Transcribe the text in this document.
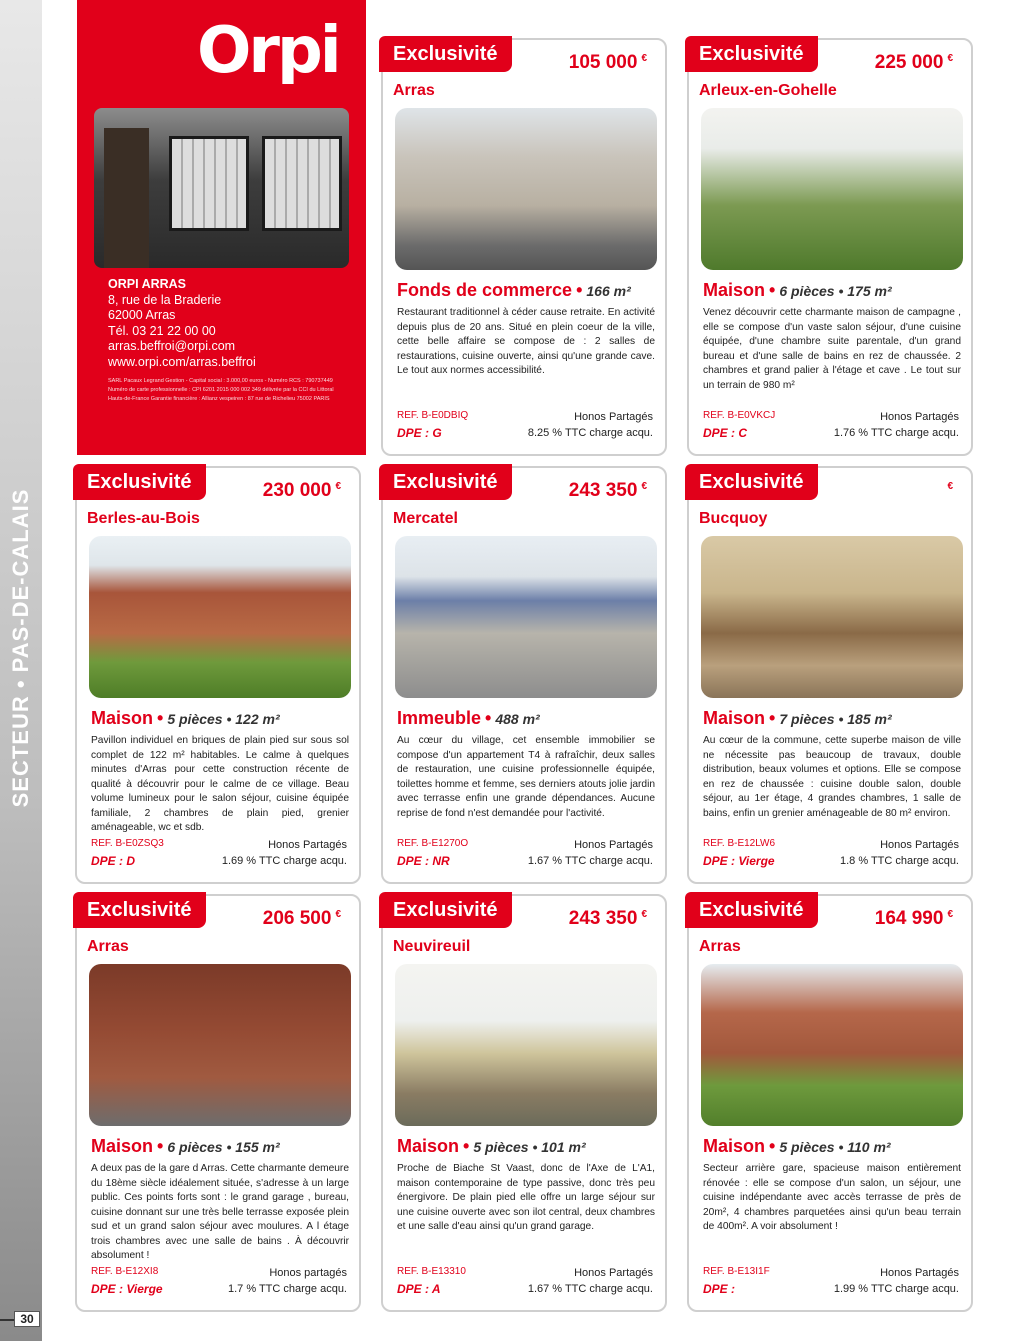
SECTEUR • PAS-DE-CALAIS
30
Orpi
ORPI ARRAS
8, rue de la Braderie
62000 Arras
Tél. 03 21 22 00 00
arras.beffroi@orpi.com
www.orpi.com/arras.beffroi
SARL Pacaux Legrand Gestion - Capital social : 3.000,00 euros - Numéro RCS : 790737449
Numéro de carte professionnelle : CPI 6201 2015 000 002 349 délivrée par la CCI du Littoral
Hauts-de-France Garantie financière : Allianz vespeiren : 87 rue de Richelieu 75002 PARIS
Exclusivité	105 000 €
Arras
Fonds de commerce • 166 m²
Restaurant traditionnel à céder cause retraite. En activité depuis plus de 20 ans. Situé en plein coeur de la ville, cette belle affaire se compose de : 2 salles de restaurations, cuisine ouverte, ainsi qu'une grande cave. Le tout aux normes accessibilité.
REF. B-E0DBIQ
DPE : G
Honos Partagés
8.25 % TTC charge acqu.
Exclusivité	225 000 €
Arleux-en-Gohelle
Maison • 6 pièces • 175 m²
Venez découvrir cette charmante maison de campagne , elle se compose d'un vaste salon séjour, d'une cuisine équipée, d'une chambre suite parentale, d'un grand bureau et d'une salle de bains en rez de chaussée. 2 chambres et grand palier à l'étage et cave . Le tout sur un terrain de 980 m²
REF. B-E0VKCJ
DPE : C
Honos Partagés
1.76 % TTC charge acqu.
Exclusivité	230 000 €
Berles-au-Bois
Maison • 5 pièces • 122 m²
Pavillon individuel en briques de plain pied sur sous sol complet de 122 m² habitables. Le calme à quelques minutes d'Arras pour cette construction récente de qualité à découvrir pour le calme de ce village. Beau volume lumineux pour le salon séjour, cuisine équipée familiale, 2 chambres de plain pied, grenier aménageable, wc et sdb.
REF. B-E0ZSQ3
DPE : D
Honos Partagés
1.69 % TTC charge acqu.
Exclusivité	243 350 €
Mercatel
Immeuble • 488 m²
Au cœur du village, cet ensemble immobilier se compose d'un appartement T4 à rafraîchir, deux salles de restauration, une cuisine professionnelle équipée, toilettes homme et femme, ses derniers atouts jolie jardin avec terrasse enfin une grande dépendances. Aucune reprise de fond n'est demandée pour l'activité.
REF. B-E1270O
DPE : NR
Honos Partagés
1.67 % TTC charge acqu.
Exclusivité	€
Bucquoy
Maison • 7 pièces • 185 m²
Au cœur de la commune, cette superbe maison de ville ne nécessite pas beaucoup de travaux, double distribution, beaux volumes et options. Elle se compose en rez de chaussée : cuisine double salon, double séjour, au 1er étage, 4 grandes chambres, 1 salle de bains, enfin un grenier aménageable de 80 m² environ.
REF. B-E12LW6
DPE : Vierge
Honos Partagés
1.8 % TTC charge acqu.
Exclusivité	206 500 €
Arras
Maison • 6 pièces • 155 m²
A deux pas de la gare d Arras. Cette charmante demeure du 18ème siècle idéalement située, s'adresse à un large public. Ces points forts sont : le grand garage , bureau, cuisine donnant sur une très belle terrasse exposée plein sud et un grand salon séjour avec moulures. A l étage trois chambres avec une salle de bains . À découvrir absolument !
REF. B-E12XI8
DPE : Vierge
Honos partagés
1.7 % TTC charge acqu.
Exclusivité	243 350 €
Neuvireuil
Maison • 5 pièces • 101 m²
Proche de Biache St Vaast, donc de l'Axe de L'A1, maison contemporaine de type passive, donc très peu énergivore. De plain pied elle offre un large séjour sur une cuisine ouverte avec son ilot central, deux chambres et une salle d'eau ainsi qu'un grand garage.
REF. B-E13310
DPE : A
Honos Partagés
1.67 % TTC charge acqu.
Exclusivité	164 990 €
Arras
Maison • 5 pièces • 110 m²
Secteur arrière gare, spacieuse maison entièrement rénovée : elle se compose d'un salon, un séjour, une cuisine indépendante avec accès terrasse de près de 20m², 4 chambres parquetées ainsi qu'un beau terrain de 400m². A voir absolument !
REF. B-E13I1F
DPE :
Honos Partagés
1.99 % TTC charge acqu.
